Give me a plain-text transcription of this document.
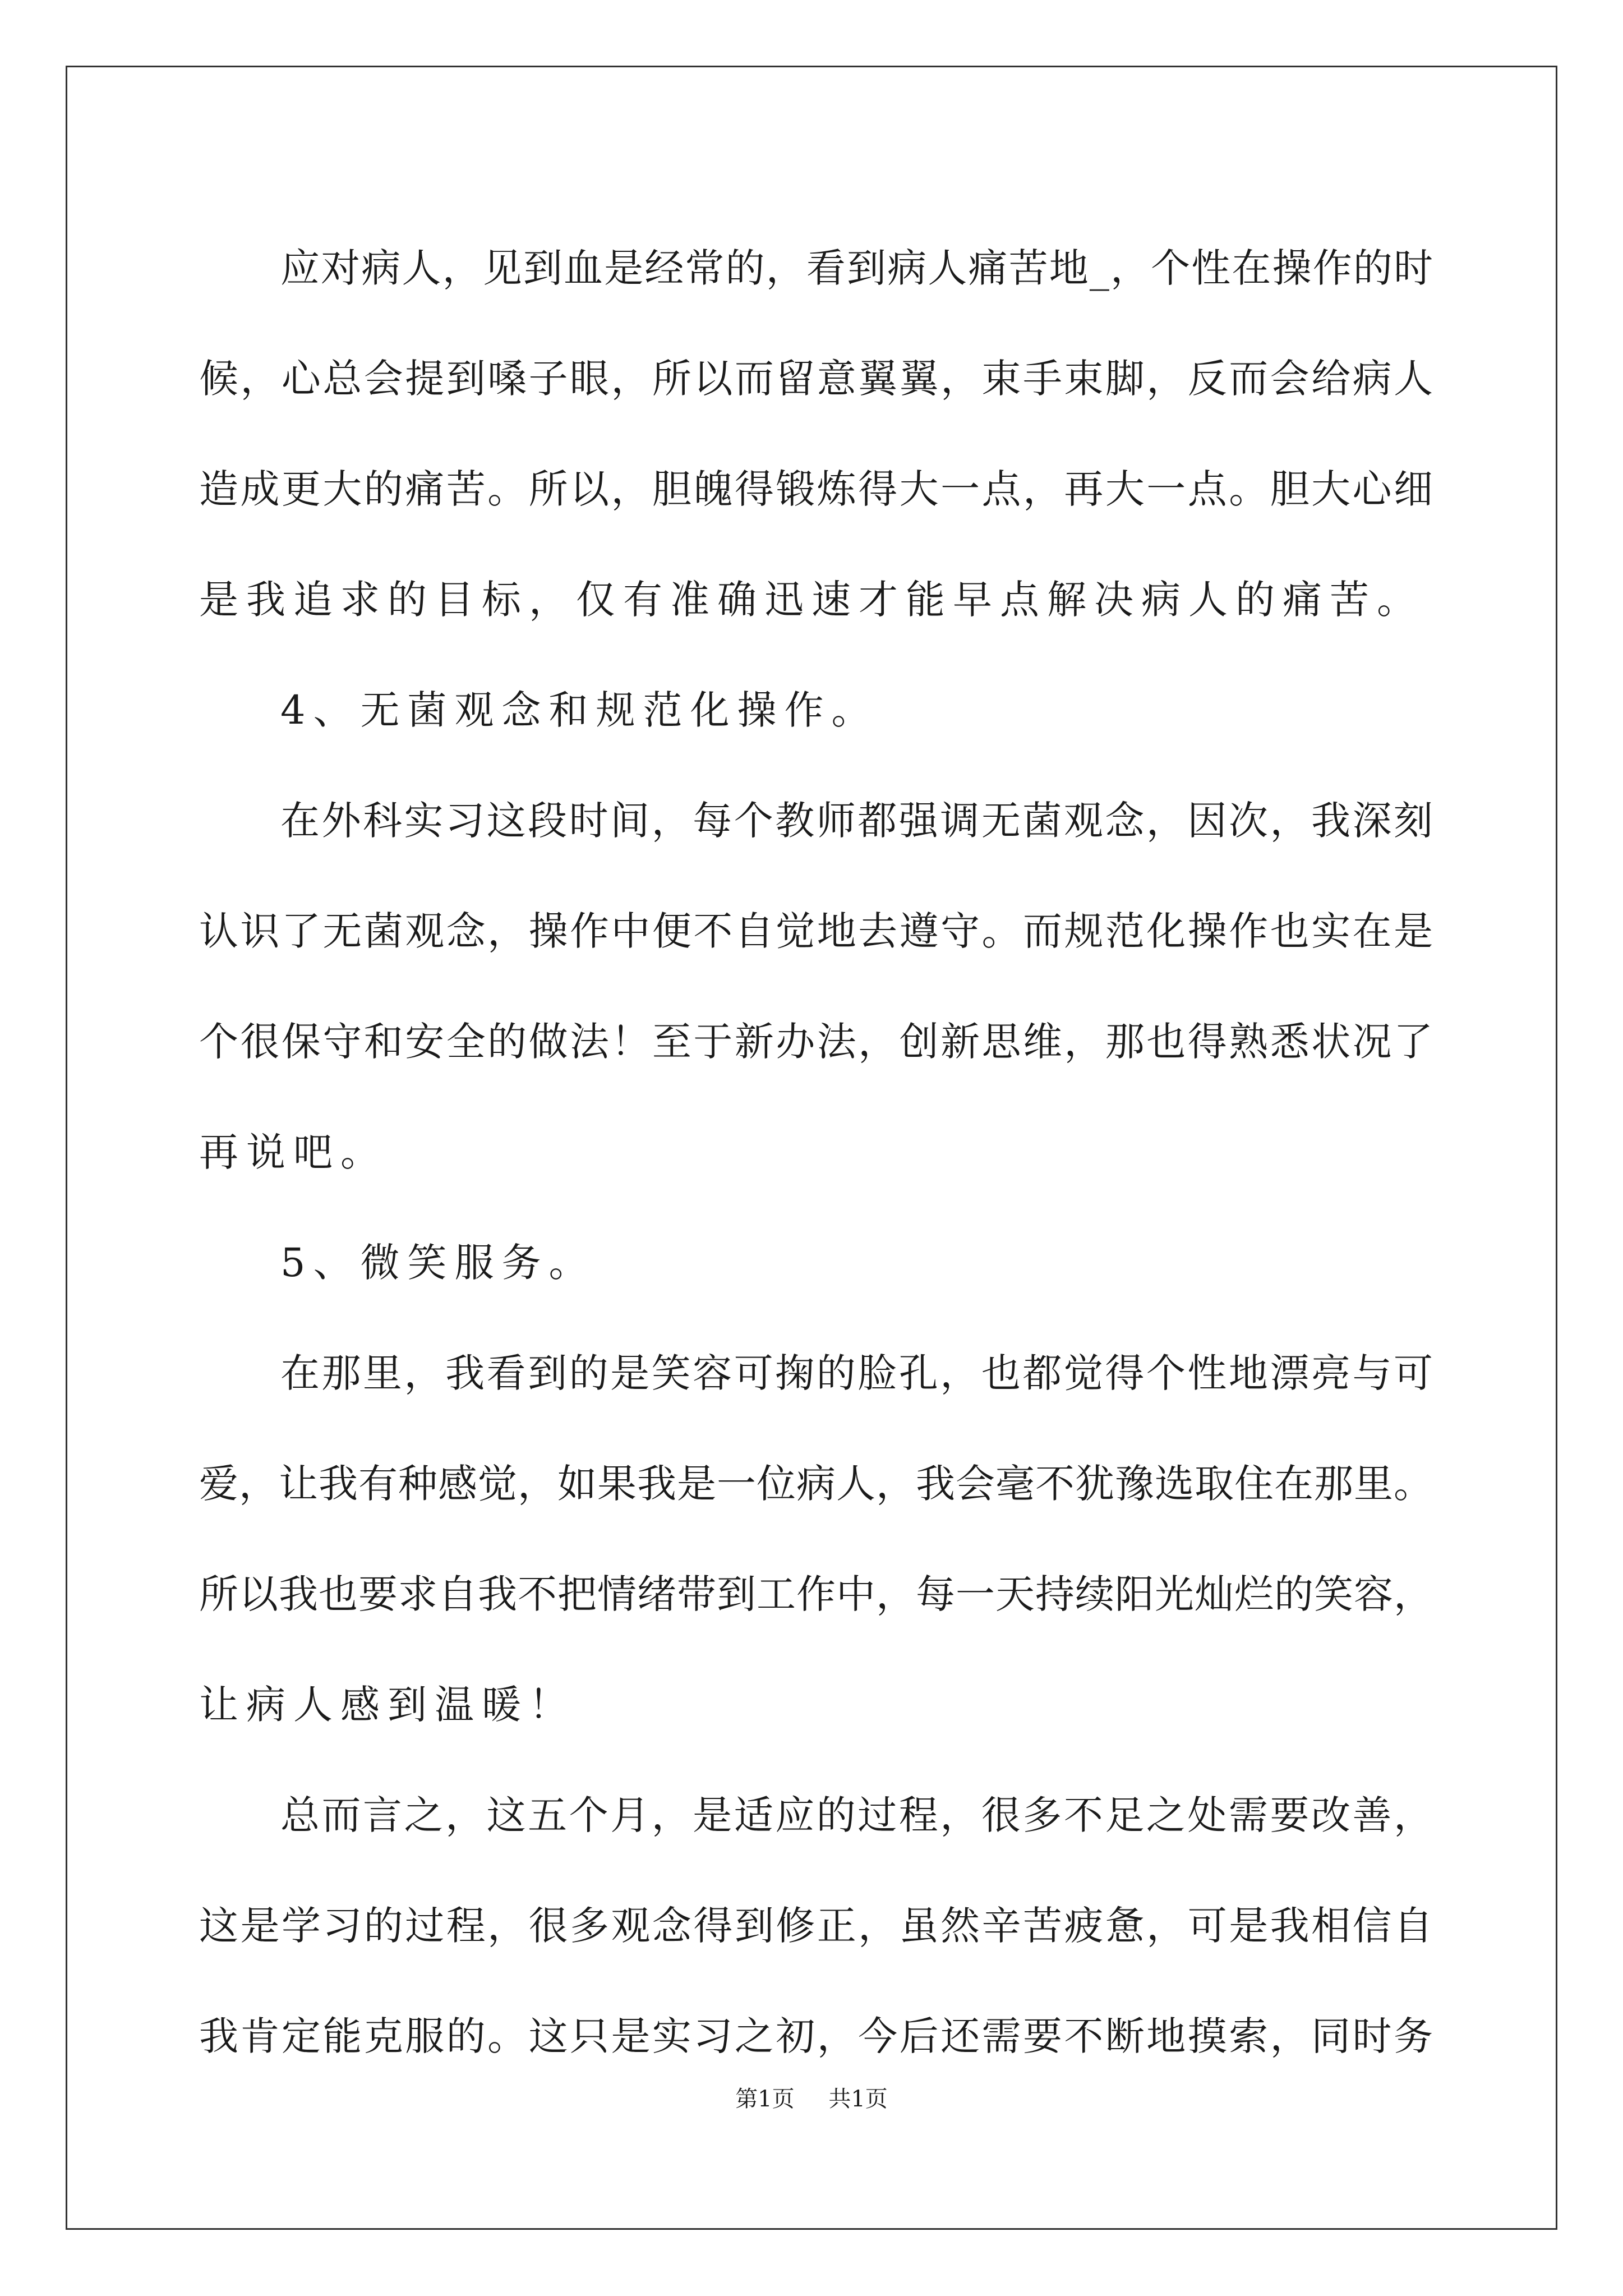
应对病人，见到血是经常的，看到病人痛苦地_，个性在操作的时
候，心总会提到嗓子眼，所以而留意翼翼，束手束脚，反而会给病人
造成更大的痛苦。所以，胆魄得锻炼得大一点，再大一点。胆大心细
是我追求的目标，仅有准确迅速才能早点解决病人的痛苦。
4、无菌观念和规范化操作。
在外科实习这段时间，每个教师都强调无菌观念，因次，我深刻
认识了无菌观念，操作中便不自觉地去遵守。而规范化操作也实在是
个很保守和安全的做法！至于新办法，创新思维，那也得熟悉状况了
再说吧。
5、微笑服务。
在那里，我看到的是笑容可掬的脸孔，也都觉得个性地漂亮与可
爱，让我有种感觉，如果我是一位病人，我会毫不犹豫选取住在那里。
所以我也要求自我不把情绪带到工作中，每一天持续阳光灿烂的笑容，
让病人感到温暖！
总而言之，这五个月，是适应的过程，很多不足之处需要改善，
这是学习的过程，很多观念得到修正，虽然辛苦疲惫，可是我相信自
我肯定能克服的。这只是实习之初，今后还需要不断地摸索，同时务
第1页 共1页
